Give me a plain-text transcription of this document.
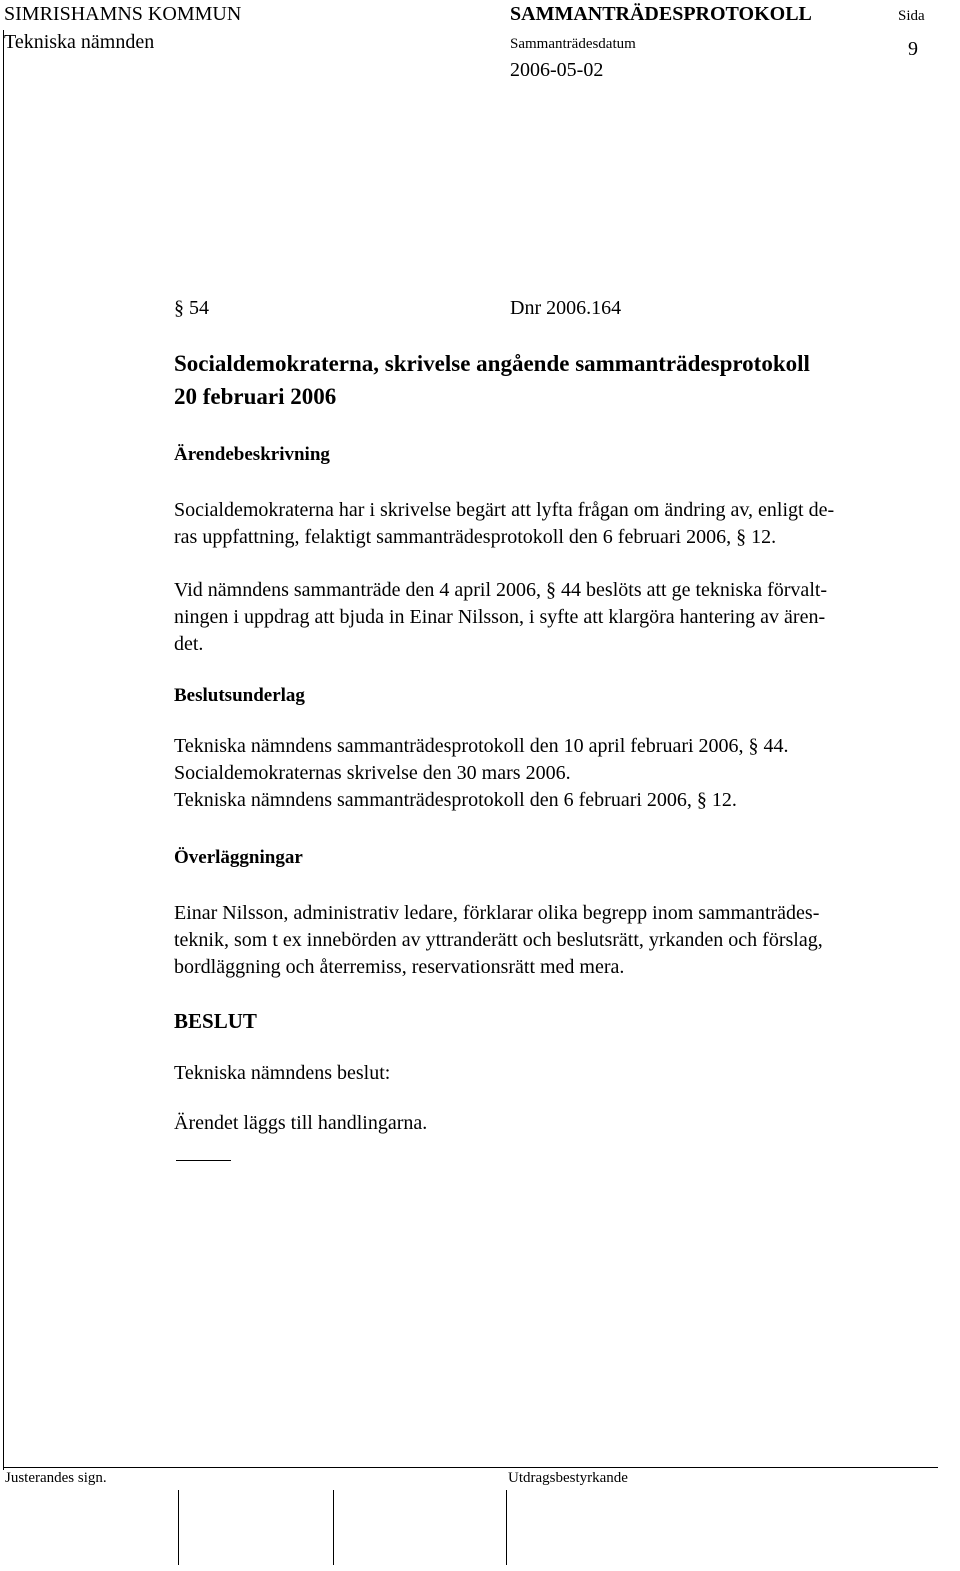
SIMRISHAMNS KOMMUN
Tekniska nämnden
SAMMANTRÄDESPROTOKOLL
Sammanträdesdatum
2006-05-02
Sida
9
§ 54	Dnr 2006.164
Socialdemokraterna, skrivelse angående sammanträdesprotokoll
20 februari 2006
Ärendebeskrivning
Socialdemokraterna har i skrivelse begärt att lyfta frågan om ändring av, enligt de-
ras uppfattning, felaktigt sammanträdesprotokoll den 6 februari 2006, § 12.
Vid nämndens sammanträde den 4 april 2006, § 44 beslöts att ge tekniska förvalt-
ningen i uppdrag att bjuda in Einar Nilsson, i syfte att klargöra hantering av ären-
det.
Beslutsunderlag
Tekniska nämndens sammanträdesprotokoll den 10 april februari 2006, § 44.
Socialdemokraternas skrivelse den 30 mars 2006.
Tekniska nämndens sammanträdesprotokoll den 6 februari 2006, § 12.
Överläggningar
Einar Nilsson, administrativ ledare, förklarar olika begrepp inom sammanträdes-
teknik, som t ex innebörden av yttranderätt och beslutsrätt, yrkanden och förslag,
bordläggning och återremiss, reservationsrätt med mera.
BESLUT
Tekniska nämndens beslut:
Ärendet läggs till handlingarna.
Justerandes sign.	Utdragsbestyrkande
